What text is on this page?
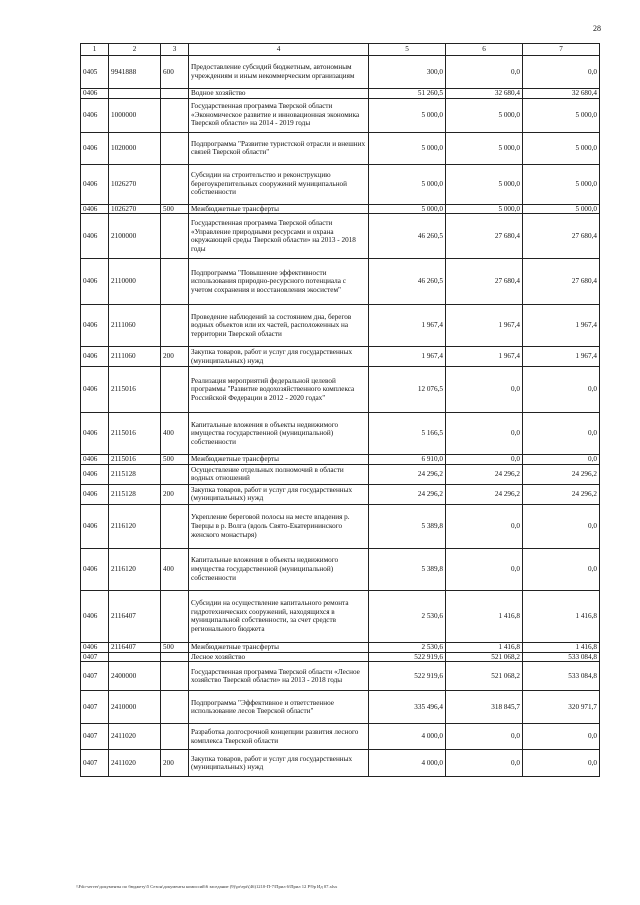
28
1	2	3	4	5	6	7
0405	9941888	600	Предоставление субсидий бюджетным, автономным учреждениям и иным некоммерческим организациям	300,0	0,0	0,0
0406			Водное хозяйство	51 260,5	32 680,4	32 680,4
0406	1000000		Государственная программа Тверской области «Экономическое развитие и инновационная экономика Тверской области» на 2014 - 2019 годы	5 000,0	5 000,0	5 000,0
0406	1020000		Подпрограмма "Развитие туристской отрасли и внешних связей Тверской области"	5 000,0	5 000,0	5 000,0
0406	1026270		Субсидии на строительство и реконструкцию берегоукрепительных сооружений муниципальной собственности	5 000,0	5 000,0	5 000,0
0406	1026270	500	Межбюджетные трансферты	5 000,0	5 000,0	5 000,0
0406	2100000		Государственная программа Тверской области «Управление природными ресурсами и охрана окружающей среды Тверской области» на 2013 - 2018 годы	46 260,5	27 680,4	27 680,4
0406	2110000		Подпрограмма "Повышение эффективности использования природно-ресурсного потенциала с учетом сохранения и восстановления экосистем"	46 260,5	27 680,4	27 680,4
0406	2111060		Проведение наблюдений за состоянием дна, берегов водных объектов или их частей, расположенных на территории Тверской области	1 967,4	1 967,4	1 967,4
0406	2111060	200	Закупка товаров, работ и услуг для государственных (муниципальных) нужд	1 967,4	1 967,4	1 967,4
0406	2115016		Реализация мероприятий федеральной целевой программы "Развитие водохозяйственного комплекса Российской Федерации в 2012 - 2020 годах"	12 076,5	0,0	0,0
0406	2115016	400	Капитальные вложения в объекты недвижимого имущества государственной (муниципальной) собственности	5 166,5	0,0	0,0
0406	2115016	500	Межбюджетные трансферты	6 910,0	0,0	0,0
0406	2115128		Осуществление отдельных полномочий в области водных отношений	24 296,2	24 296,2	24 296,2
0406	2115128	200	Закупка товаров, работ и услуг для государственных (муниципальных) нужд	24 296,2	24 296,2	24 296,2
0406	2116120		Укрепление береговой полосы на месте впадения р. Тверцы в р. Волга (вдоль Свято-Екатерининского женского монастыря)	5 389,8	0,0	0,0
0406	2116120	400	Капитальные вложения в объекты недвижимого имущества государственной (муниципальной) собственности	5 389,8	0,0	0,0
0406	2116407		Субсидии на осуществление капитального ремонта гидротехнических сооружений, находящихся в муниципальной собственности, за счет средств регионального бюджета	2 530,6	1 416,8	1 416,8
0406	2116407	500	Межбюджетные трансферты	2 530,6	1 416,8	1 416,8
0407			Лесное хозяйство	522 919,6	521 068,2	533 084,8
0407	2400000		Государственная программа Тверской области «Лесное хозяйство Тверской области» на 2013 - 2018 годы	522 919,6	521 068,2	533 084,8
0407	2410000		Подпрограмма "Эффективное и ответственное использование лесов Тверской области"	335 496,4	318 845,7	320 971,7
0407	2411020		Разработка долгосрочной концепции развития лесного комплекса Тверской области	4 000,0	0,0	0,0
0407	2411020	200	Закупка товаров, работ и услуг для государственных (муниципальных) нужд	4 000,0	0,0	0,0
\\Fdo-server\документы по бюджету\5 Сезон\документы комиссий\6 заседание (9)\pr\ept\(46)1210-П-7\Прил 6\Прил 12 Р\9р Ид 07.xlsx
